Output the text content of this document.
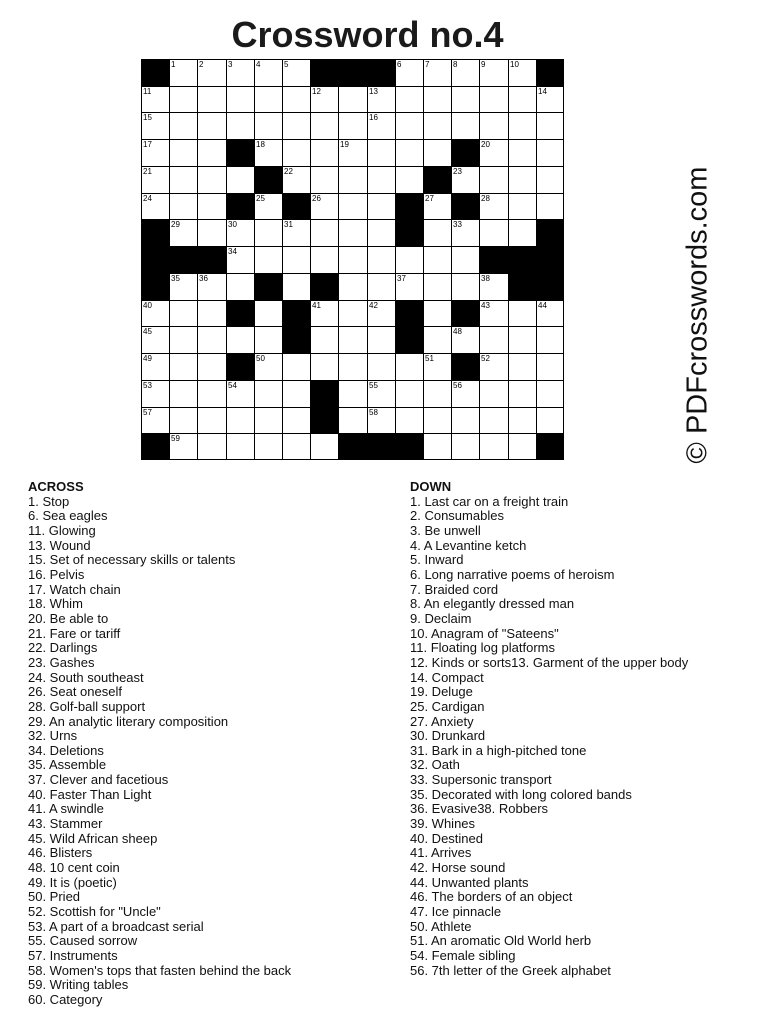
Crossword no.4
1	2	3	4	5	6	7	8	9	10
11	12	13	14
15	16
17	18	19	20
21	22	23
24	25	26	27	28
29	30	31	32	33
34
35 36	37	38	39
40	41	42	43	44
45	46	47	48
49	50	51	52
53	54	55	56
57	58
59	60	© PDFcrosswords.com
ACROSS
1. Stop
6. Sea eagles
11. Glowing
13. Wound
15. Set of necessary skills or talents
16. Pelvis
17. Watch chain
18. Whim
20. Be able to
21. Fare or tariff
22. Darlings
23. Gashes
24. South southeast
26. Seat oneself
28. Golf-ball support
29. An analytic literary composition
32. Urns
34. Deletions
35. Assemble
37. Clever and facetious
40. Faster Than Light
41. A swindle
43. Stammer
45. Wild African sheep
46. Blisters
48. 10 cent coin
49. It is (poetic)
50. Pried
52. Scottish for "Uncle"
53. A part of a broadcast serial
55. Caused sorrow
57. Instruments
58. Women's tops that fasten behind the back
59. Writing tables
60. Category
DOWN
1. Last car on a freight train
2. Consumables
3. Be unwell
4. A Levantine ketch
5. Inward
6. Long narrative poems of heroism
7. Braided cord
8. An elegantly dressed man
9. Declaim
10. Anagram of "Sateens"
11. Floating log platforms
12. Kinds or sorts13. Garment of the upper body
14. Compact
19. Deluge
25. Cardigan
27. Anxiety
30. Drunkard
31. Bark in a high-pitched tone
32. Oath
33. Supersonic transport
35. Decorated with long colored bands
36. Evasive38. Robbers
39. Whines
40. Destined
41. Arrives
42. Horse sound
44. Unwanted plants
46. The borders of an object
47. Ice pinnacle
50. Athlete
51. An aromatic Old World herb
54. Female sibling
56. 7th letter of the Greek alphabet
